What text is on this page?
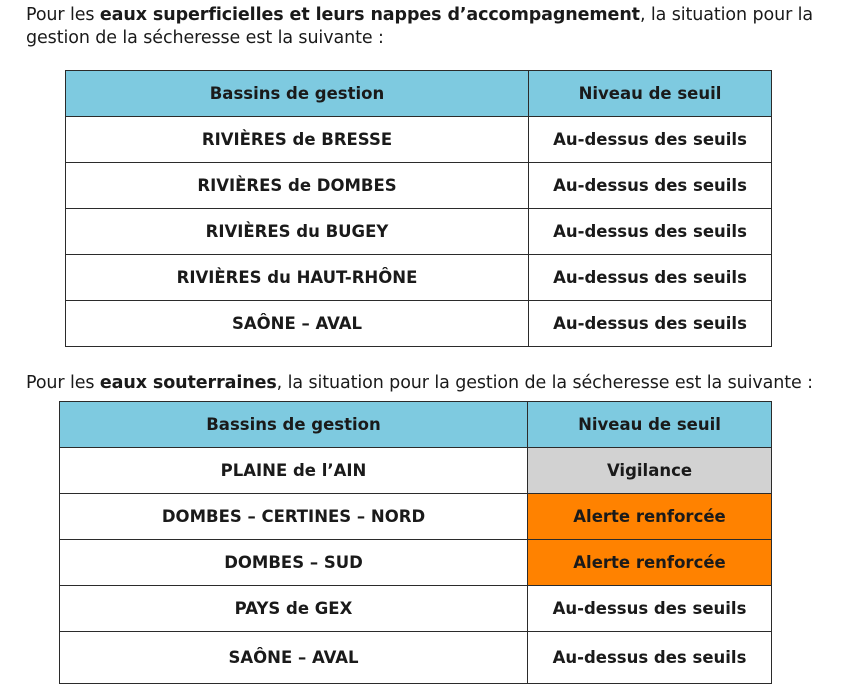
Pour les eaux superficielles et leurs nappes d’accompagnement, la situation pour la gestion de la sécheresse est la suivante :

Bassins de gestion	Niveau de seuil
RIVIÈRES de BRESSE	Au-dessus des seuils
RIVIÈRES de DOMBES	Au-dessus des seuils
RIVIÈRES du BUGEY	Au-dessus des seuils
RIVIÈRES du HAUT-RHÔNE	Au-dessus des seuils
SAÔNE – AVAL	Au-dessus des seuils

Pour les eaux souterraines, la situation pour la gestion de la sécheresse est la suivante :

Bassins de gestion	Niveau de seuil
PLAINE de l’AIN	Vigilance
DOMBES – CERTINES – NORD	Alerte renforcée
DOMBES – SUD	Alerte renforcée
PAYS de GEX	Au-dessus des seuils
SAÔNE – AVAL	Au-dessus des seuils
